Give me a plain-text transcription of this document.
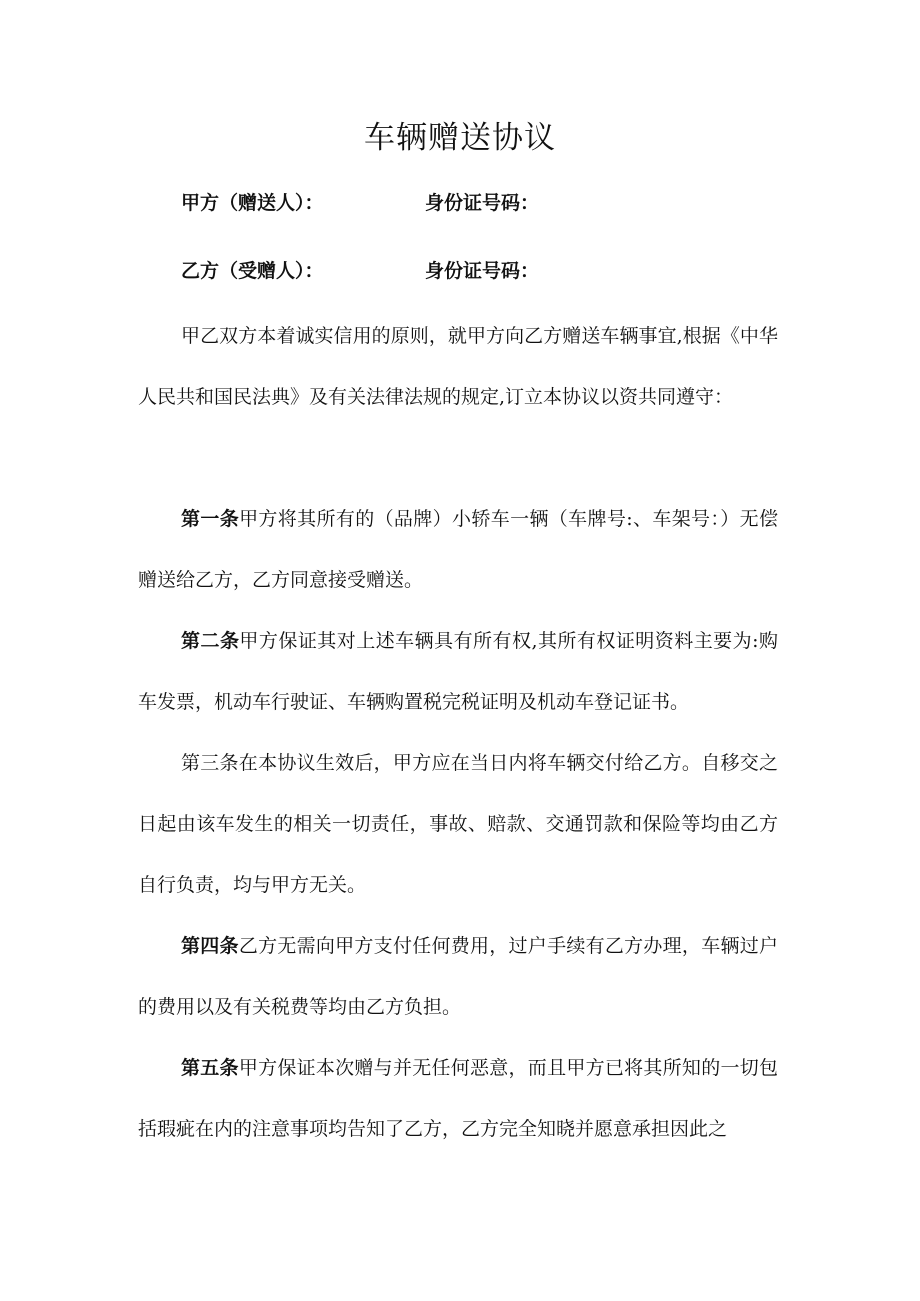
车辆赠送协议
甲方（赠送人）：	身份证号码：
乙方（受赠人）：	身份证号码：

甲乙双方本着诚实信用的原则，就甲方向乙方赠送车辆事宜,根据《中华人民共和国民法典》及有关法律法规的规定,订立本协议以资共同遵守：

第一条甲方将其所有的（品牌）小轿车一辆（车牌号:、车架号：）无偿赠送给乙方，乙方同意接受赠送。

第二条甲方保证其对上述车辆具有所有权,其所有权证明资料主要为:购车发票，机动车行驶证、车辆购置税完税证明及机动车登记证书。

第三条在本协议生效后，甲方应在当日内将车辆交付给乙方。自移交之日起由该车发生的相关一切责任，事故、赔款、交通罚款和保险等均由乙方自行负责，均与甲方无关。

第四条乙方无需向甲方支付任何费用，过户手续有乙方办理，车辆过户的费用以及有关税费等均由乙方负担。

第五条甲方保证本次赠与并无任何恶意，而且甲方已将其所知的一切包括瑕疵在内的注意事项均告知了乙方，乙方完全知晓并愿意承担因此之
